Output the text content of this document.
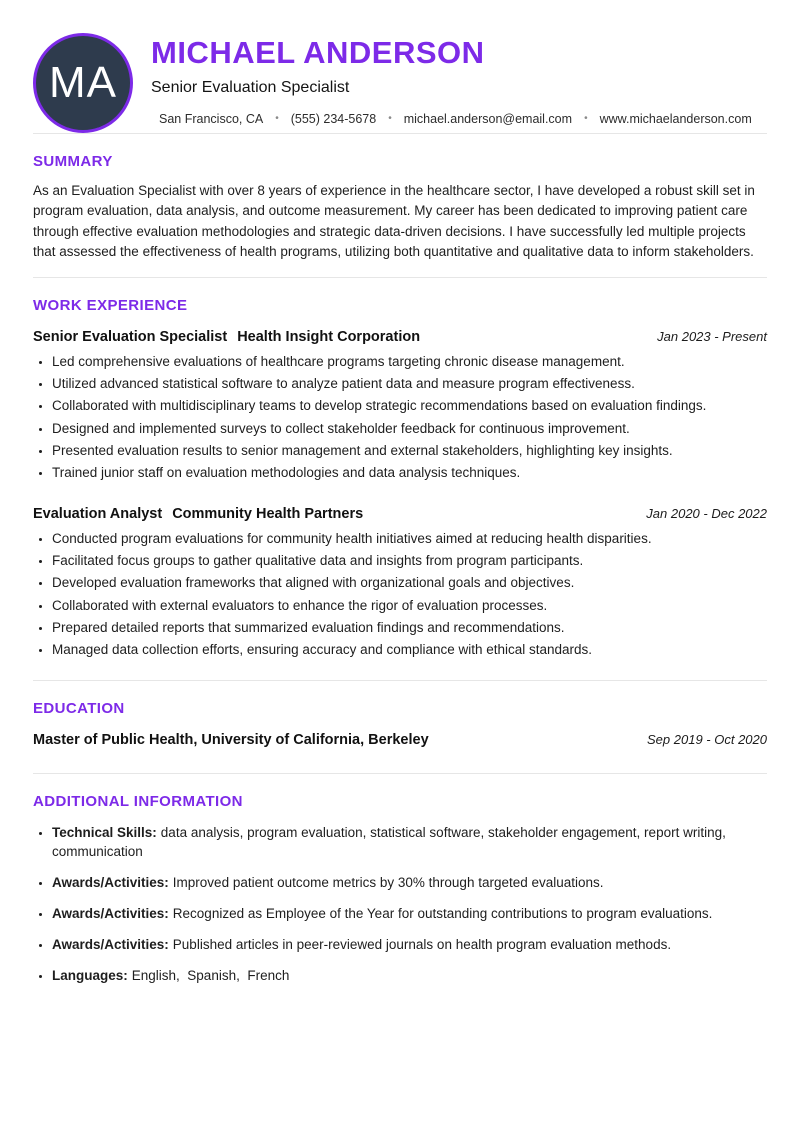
MA
MICHAEL ANDERSON
Senior Evaluation Specialist
San Francisco, CA • (555) 234-5678 • michael.anderson@email.com • www.michaelanderson.com
SUMMARY

As an Evaluation Specialist with over 8 years of experience in the healthcare sector, I have developed a robust skill set in program evaluation, data analysis, and outcome measurement. My career has been dedicated to improving patient care through effective evaluation methodologies and strategic data-driven decisions. I have successfully led multiple projects that assessed the effectiveness of health programs, utilizing both quantitative and qualitative data to inform stakeholders.

WORK EXPERIENCE
Senior Evaluation Specialist Health Insight Corporation	Jan 2023 - Present
• Led comprehensive evaluations of healthcare programs targeting chronic disease management.
• Utilized advanced statistical software to analyze patient data and measure program effectiveness.
• Collaborated with multidisciplinary teams to develop strategic recommendations based on evaluation findings.
• Designed and implemented surveys to collect stakeholder feedback for continuous improvement.
• Presented evaluation results to senior management and external stakeholders, highlighting key insights.
• Trained junior staff on evaluation methodologies and data analysis techniques.
Evaluation Analyst Community Health Partners	Jan 2020 - Dec 2022
• Conducted program evaluations for community health initiatives aimed at reducing health disparities.
• Facilitated focus groups to gather qualitative data and insights from program participants.
• Developed evaluation frameworks that aligned with organizational goals and objectives.
• Collaborated with external evaluators to enhance the rigor of evaluation processes.
• Prepared detailed reports that summarized evaluation findings and recommendations.
• Managed data collection efforts, ensuring accuracy and compliance with ethical standards.
EDUCATION
Master of Public Health, University of California, Berkeley	Sep 2019 - Oct 2020
ADDITIONAL INFORMATION
• Technical Skills: data analysis, program evaluation, statistical software, stakeholder engagement, report writing, communication
• Awards/Activities: Improved patient outcome metrics by 30% through targeted evaluations.
• Awards/Activities: Recognized as Employee of the Year for outstanding contributions to program evaluations.
• Awards/Activities: Published articles in peer-reviewed journals on health program evaluation methods.
• Languages: English,  Spanish,  French
